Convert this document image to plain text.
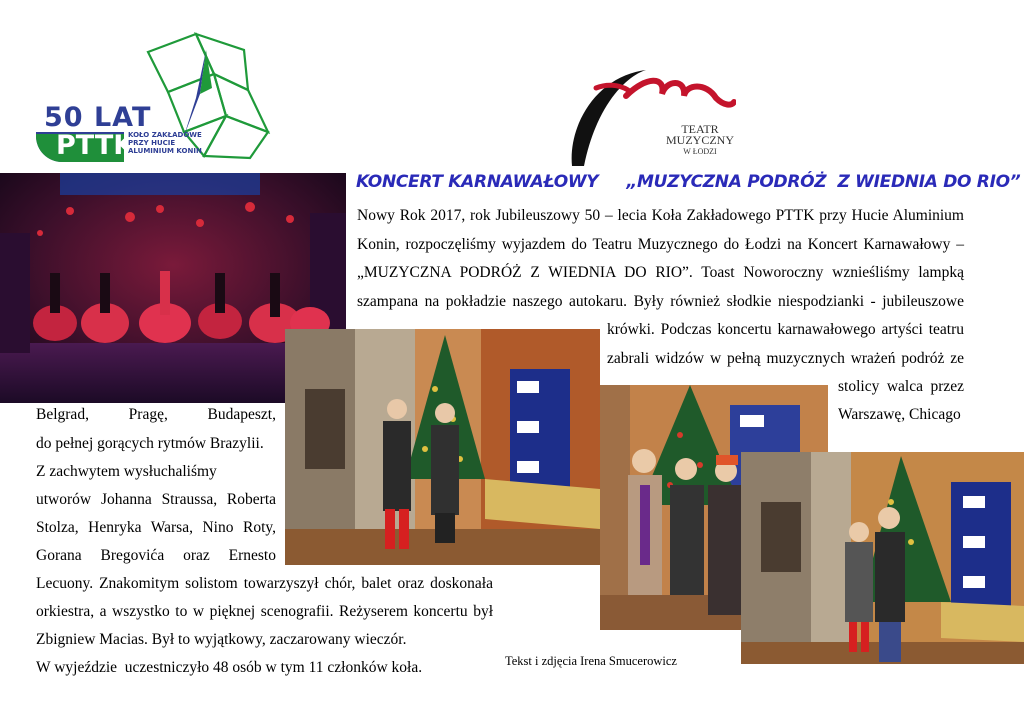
50 LAT
PTTK
KOŁO ZAKŁADOWE
PRZY HUCIE
ALUMINIUM KONIN
TEATR
MUZYCZNY
W ŁODZI
KONCERT KARNAWAŁOWY     „MUZYCZNA PODRÓŻ  Z WIEDNIA DO RIO”
Nowy Rok 2017, rok Jubileuszowy 50 – lecia Koła Zakładowego PTTK przy Hucie Aluminium
Konin, rozpoczęliśmy wyjazdem do Teatru Muzycznego do Łodzi na Koncert Karnawałowy –
„MUZYCZNA PODRÓŻ Z WIEDNIA DO RIO”. Toast Noworoczny wznieśliśmy lampką
szampana na pokładzie naszego autokaru. Były również słodkie niespodzianki - jubileuszowe
krówki. Podczas koncertu karnawałowego artyści teatru
zabrali widzów w pełną muzycznych wrażeń podróż ze
stolicy walca przez
Belgrad, Pragę, Budapeszt,	Warszawę, Chicago
do pełnej gorących rytmów Brazylii.
Z zachwytem wysłuchaliśmy
utworów Johanna Straussa, Roberta
Stolza, Henryka Warsa, Nino Roty,
Gorana Bregovića oraz Ernesto
Lecuony. Znakomitym solistom towarzyszył chór, balet oraz doskonała
orkiestra, a wszystko to w pięknej scenografii. Reżyserem koncertu był
Zbigniew Macias. Był to wyjątkowy, zaczarowany wieczór.
W wyjeździe  uczestniczyło 48 osób w tym 11 członków koła.	Tekst i zdjęcia Irena Smucerowicz
